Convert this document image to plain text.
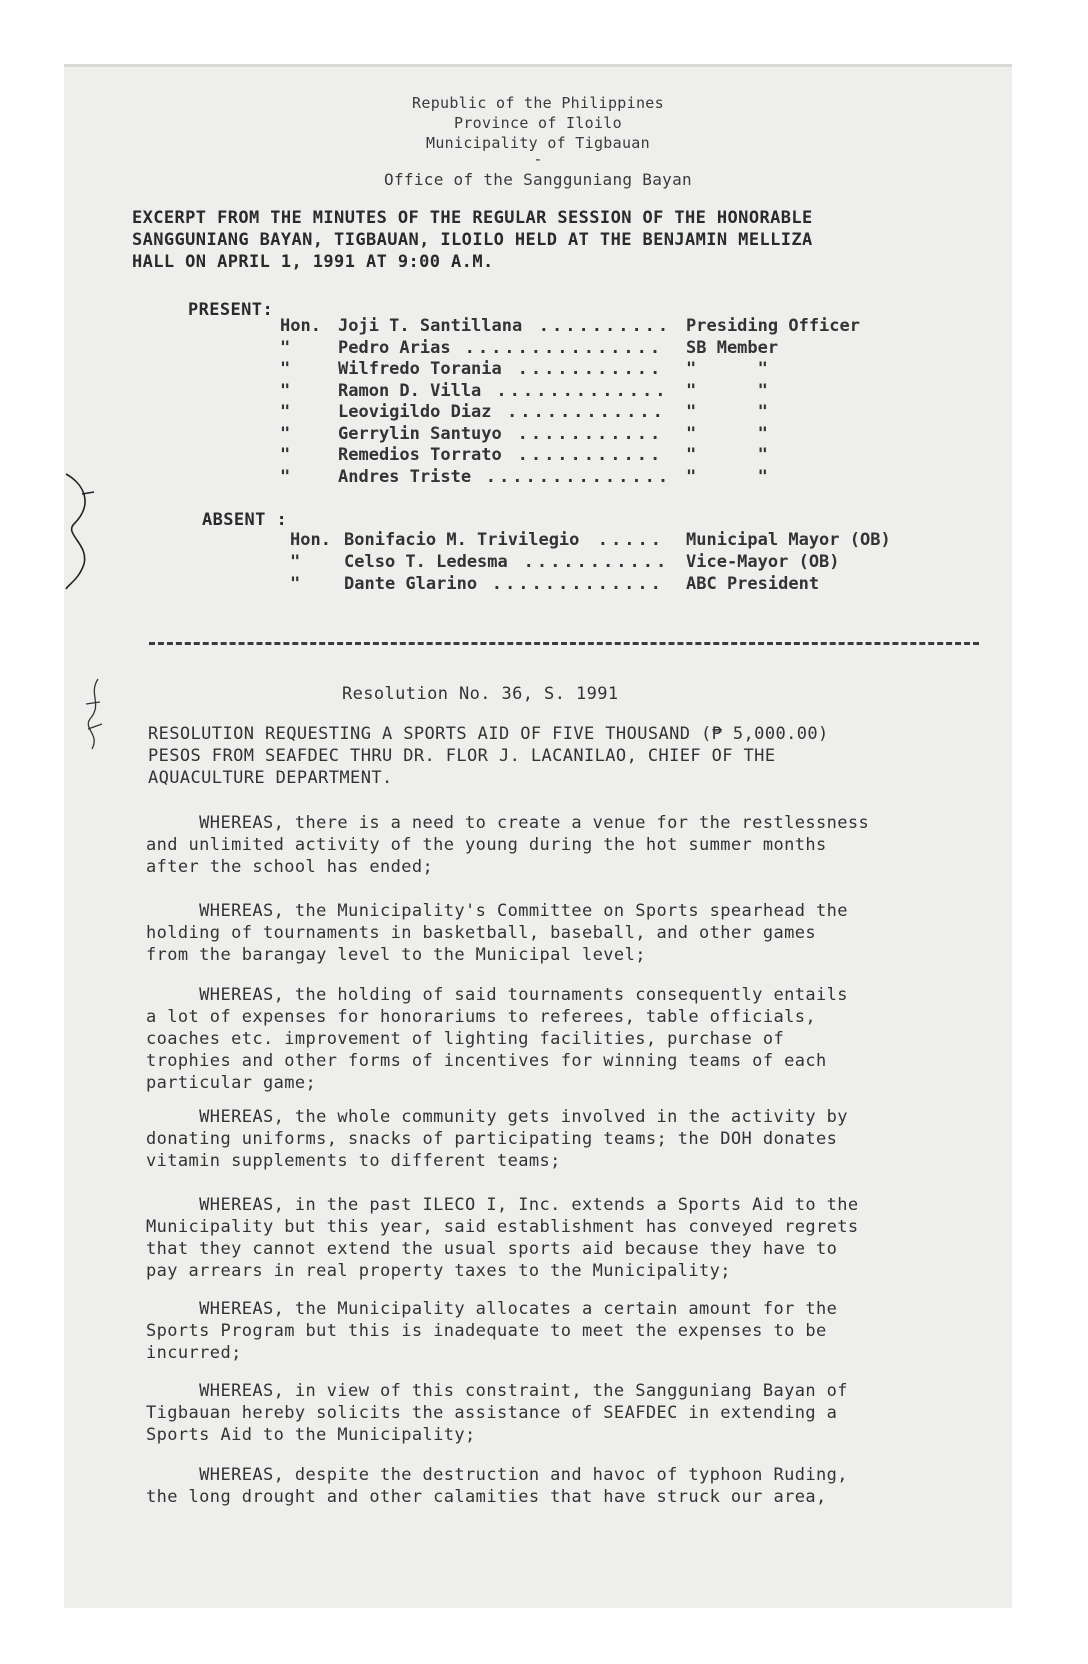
Republic of the Philippines
Province of Iloilo
Municipality of Tigbauan
-
Office of the Sangguniang Bayan
EXCERPT FROM THE MINUTES OF THE REGULAR SESSION OF THE HONORABLE
SANGGUNIANG BAYAN, TIGBAUAN, ILOILO HELD AT THE BENJAMIN MELLIZA
HALL ON APRIL 1, 1991 AT 9:00 A.M.
PRESENT:
Hon. Joji T. Santillana .......... Presiding Officer
"	Pedro Arias ............... SB Member
"	Wilfredo Torania ........... "      "
"	Ramon D. Villa ............. "      "
"	Leovigildo Diaz ............ "      "
"	Gerrylin Santuyo ........... "      "
"	Remedios Torrato ........... "      "
"	Andres Triste .............. "      "
ABSENT :
Hon. Bonifacio M. Trivilegio ..... Municipal Mayor (OB)
"	Celso T. Ledesma ........... Vice-Mayor (OB)
"	Dante Glarino ............. ABC President
Resolution No. 36, S. 1991
RESOLUTION REQUESTING A SPORTS AID OF FIVE THOUSAND (₱ 5,000.00)
PESOS FROM SEAFDEC THRU DR. FLOR J. LACANILAO, CHIEF OF THE
AQUACULTURE DEPARTMENT.
WHEREAS, there is a need to create a venue for the restlessness
and unlimited activity of the young during the hot summer months
after the school has ended;
WHEREAS, the Municipality's Committee on Sports spearhead the
holding of tournaments in basketball, baseball, and other games
from the barangay level to the Municipal level;
WHEREAS, the holding of said tournaments consequently entails
a lot of expenses for honorariums to referees, table officials,
coaches etc. improvement of lighting facilities, purchase of
trophies and other forms of incentives for winning teams of each
particular game;
WHEREAS, the whole community gets involved in the activity by
donating uniforms, snacks of participating teams; the DOH donates
vitamin supplements to different teams;
WHEREAS, in the past ILECO I, Inc. extends a Sports Aid to the
Municipality but this year, said establishment has conveyed regrets
that they cannot extend the usual sports aid because they have to
pay arrears in real property taxes to the Municipality;
WHEREAS, the Municipality allocates a certain amount for the
Sports Program but this is inadequate to meet the expenses to be
incurred;
WHEREAS, in view of this constraint, the Sangguniang Bayan of
Tigbauan hereby solicits the assistance of SEAFDEC in extending a
Sports Aid to the Municipality;
WHEREAS, despite the destruction and havoc of typhoon Ruding,
the long drought and other calamities that have struck our area,
